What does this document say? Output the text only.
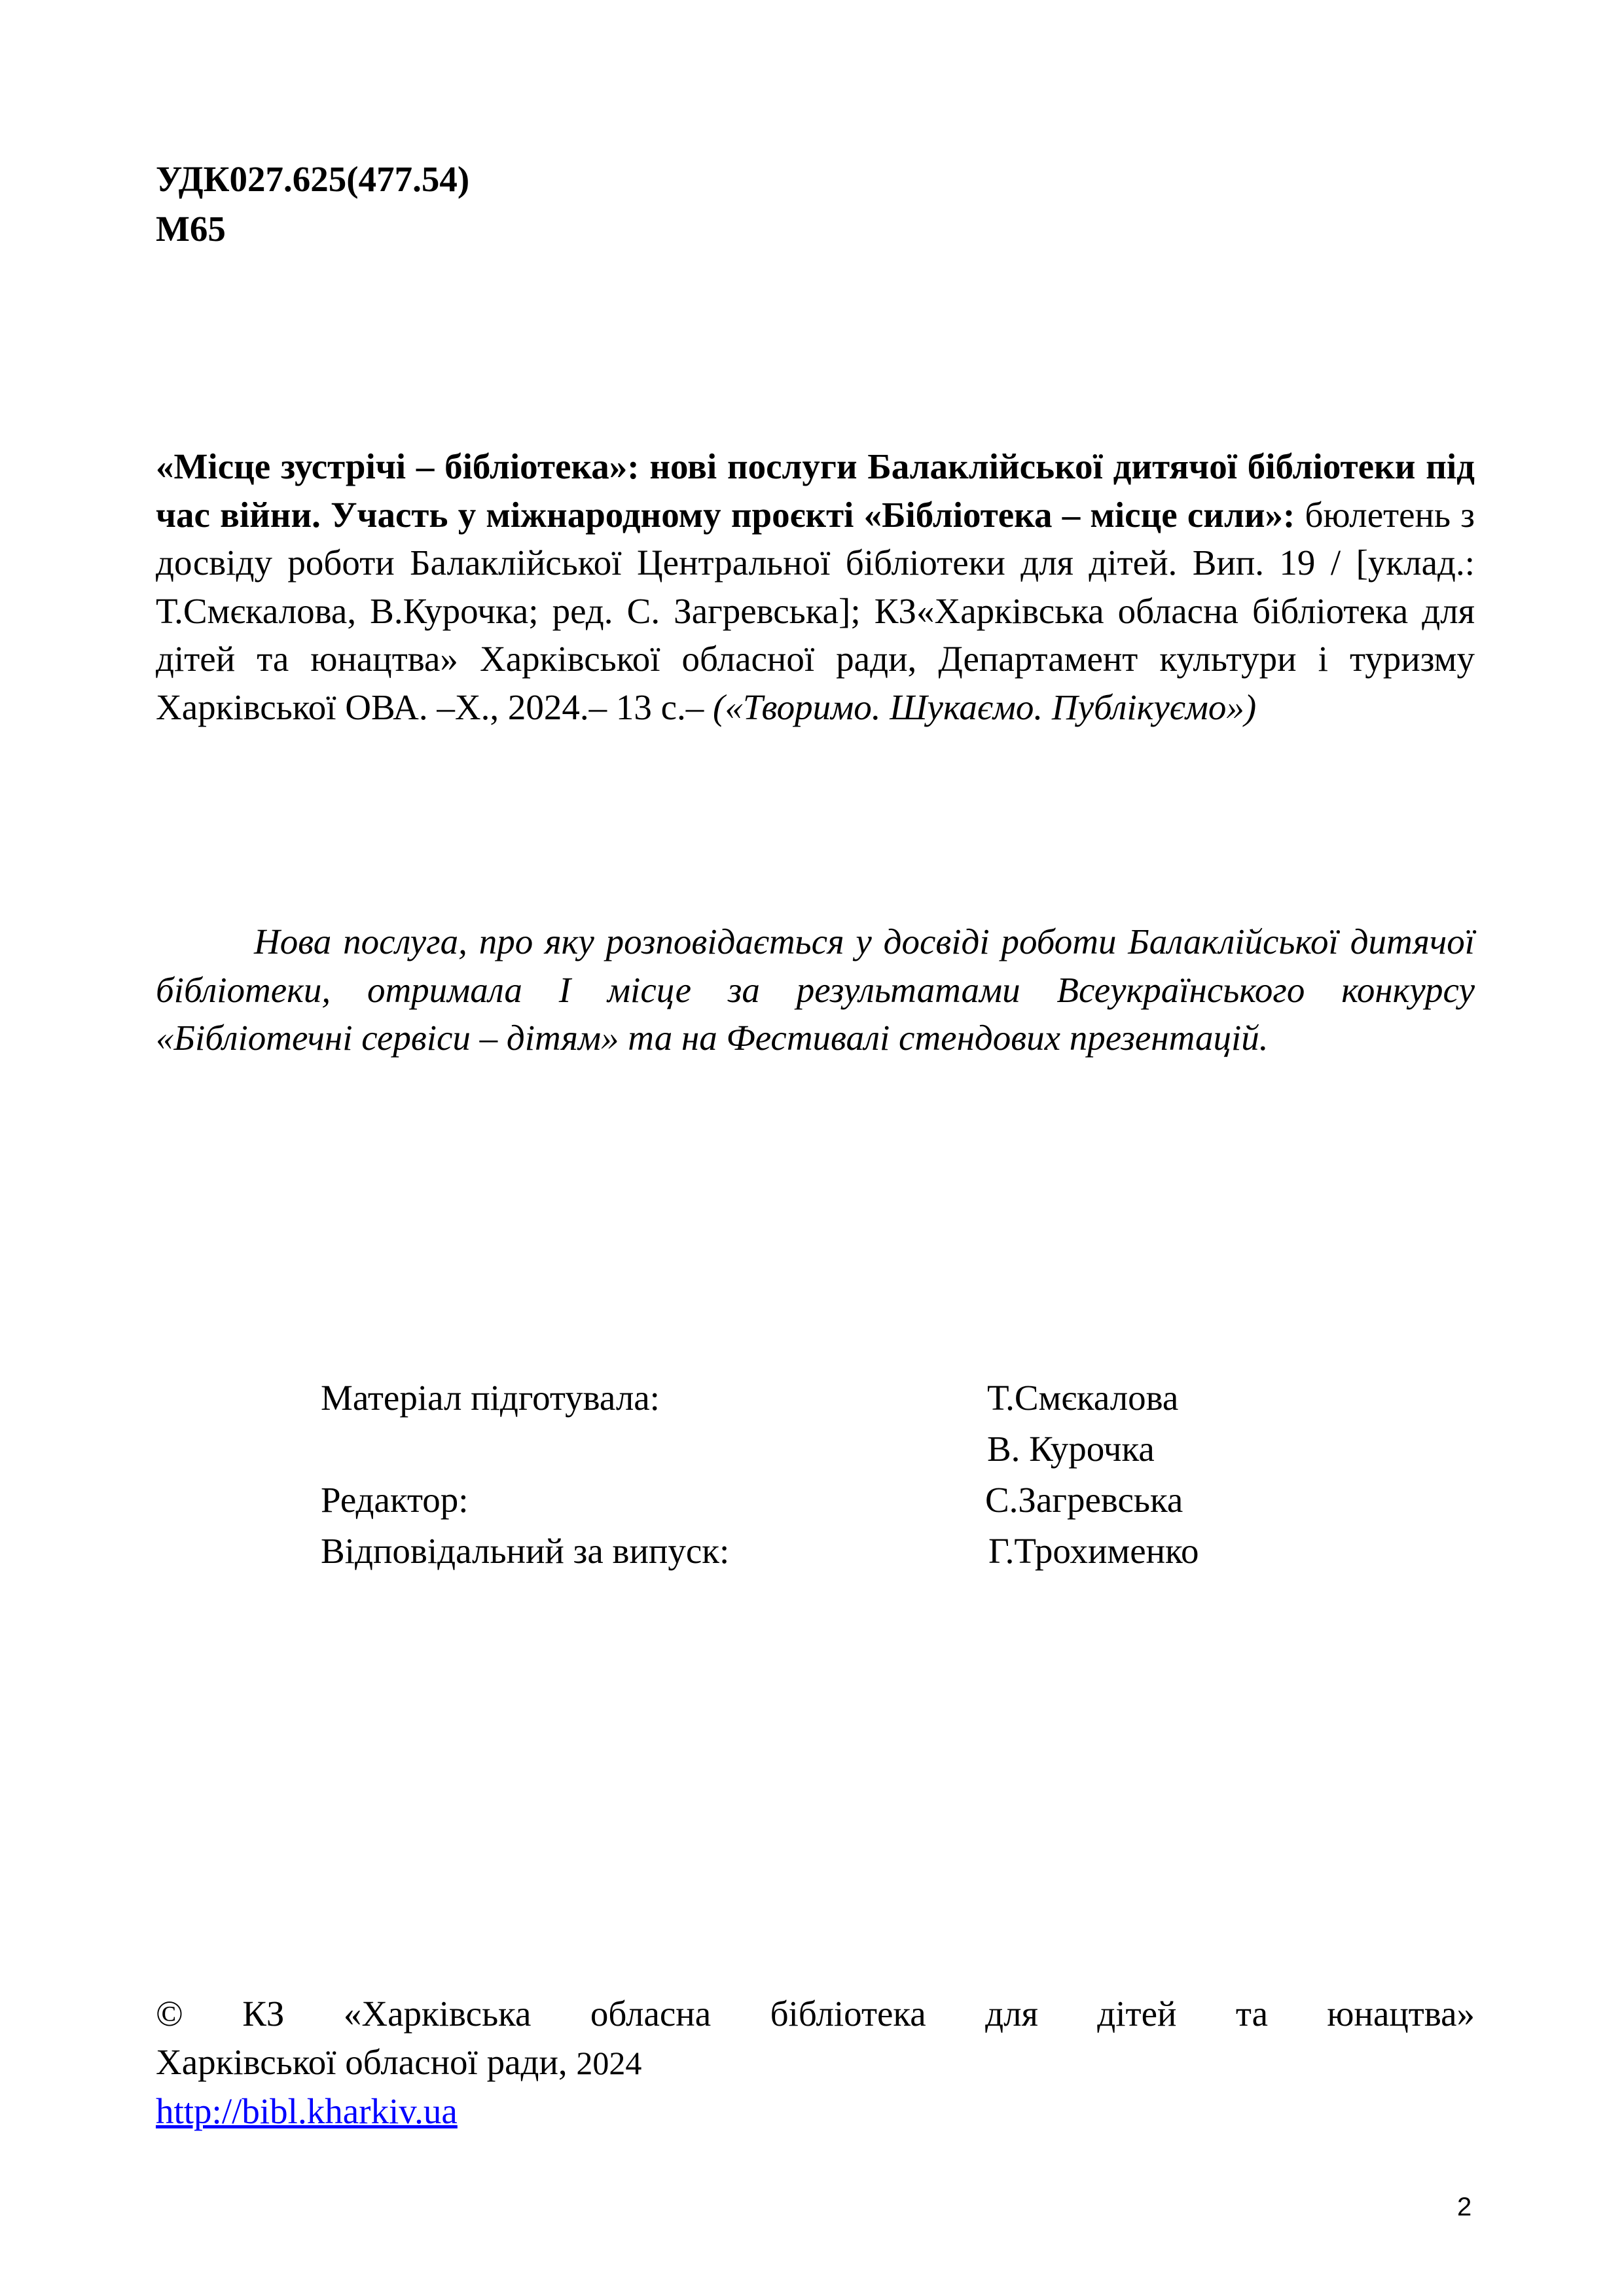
УДК027.625(477.54)
М65
«Місце зустрічі – бібліотека»: нові послуги Балаклійської дитячої бібліотеки під час війни. Участь у міжнародному проєкті «Бібліотека – місце сили»: бюлетень з досвіду роботи Балаклійської Центральної бібліотеки для дітей. Вип. 19 / [уклад.: Т.Смєкалова, В.Курочка; ред. С. Загревська]; КЗ«Харківська обласна бібліотека для дітей та юнацтва» Харківської обласної ради, Департамент культури і туризму Харківської ОВА. –Х., 2024.– 13 с.– («Творимо. Шукаємо. Публікуємо»)
Нова послуга, про яку розповідається у досвіді роботи Балаклійської дитячої бібліотеки, отримала І місце за результатами Всеукраїнського конкурсу «Бібліотечні сервіси – дітям» та на Фестивалі стендових презентацій.
Матеріал підготувала:	Т.Смєкалова
В. Курочка
Редактор:	С.Загревська
Відповідальний за випуск:	Г.Трохименко
© КЗ «Харківська обласна бібліотека для дітей та юнацтва»
Харківської обласної ради, 2024
http://bibl.kharkiv.ua
2
